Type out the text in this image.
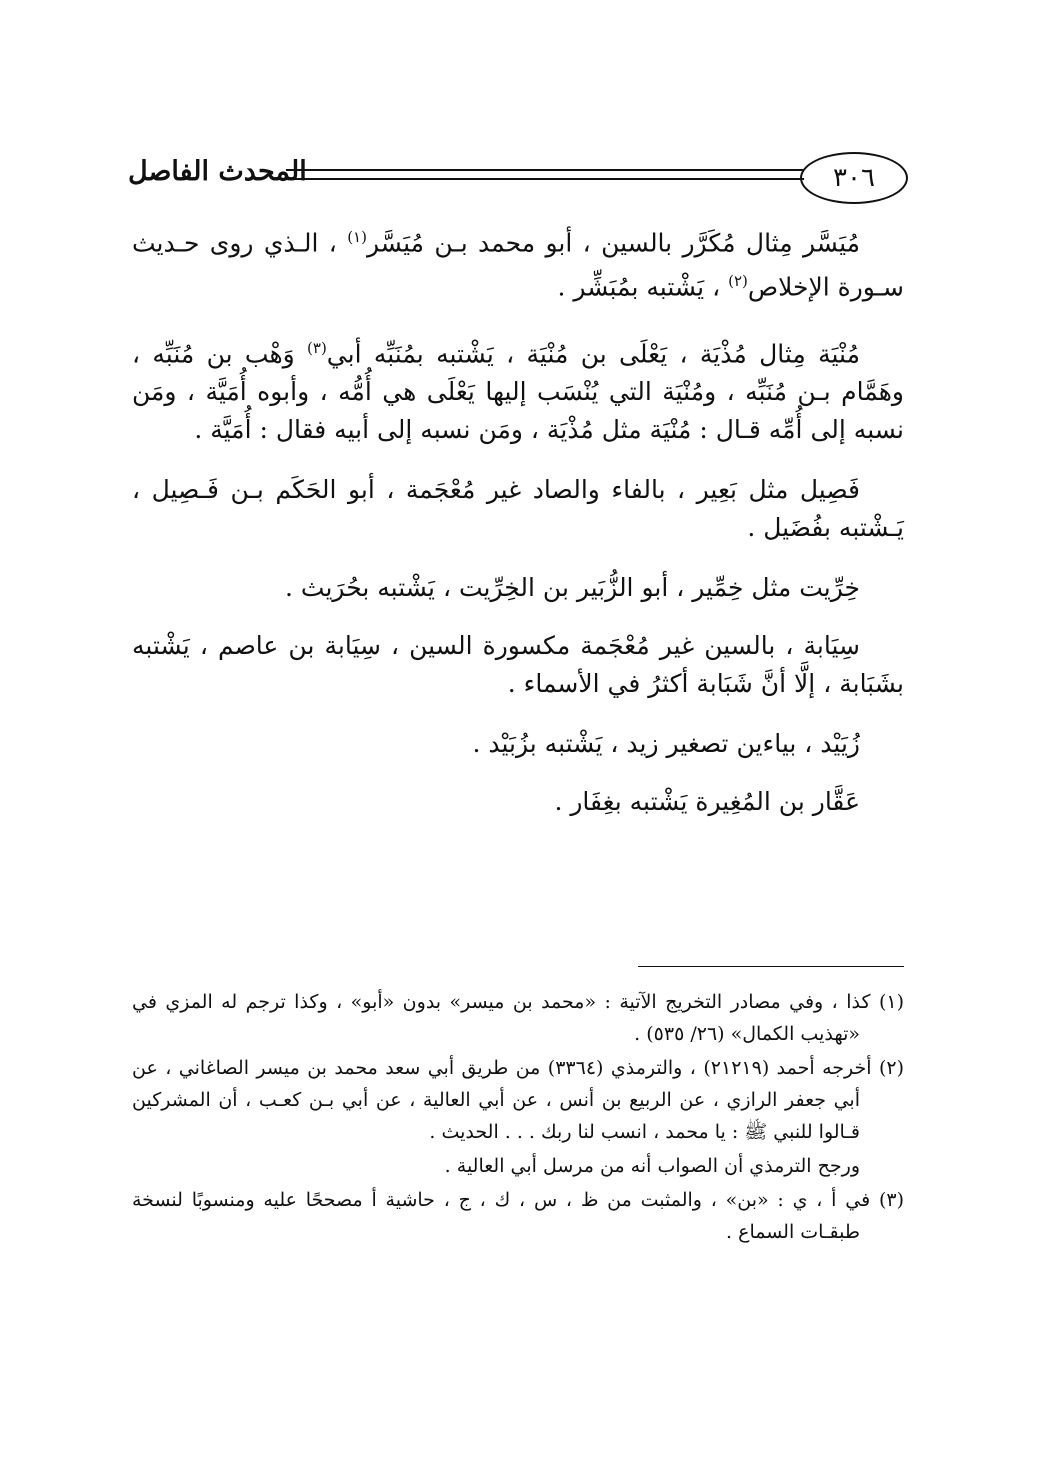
٣٠٦
المحدث الفاصل

مُيَسَّر مِثال مُكَرَّر بالسين ، أبو محمد بـن مُيَسَّر$^{(١)}$ ، الـذي روى حـديث سـورة الإخلاص$^{(٢)}$ ، يَشْتبه بمُبَشِّر .

مُنْيَة مِثال مُذْيَة ، يَعْلَى بن مُنْيَة ، يَشْتبه بمُنَبِّه أبي$^{(٣)}$ وَهْب بن مُنَبِّه ، وهَمَّام بـن مُنَبِّه ، ومُنْيَة التي يُنْسَب إليها يَعْلَى هي أُمُّه ، وأبوه أُمَيَّة ، ومَن نسبه إلى أُمِّه قـال : مُنْيَة مثل مُذْيَة ، ومَن نسبه إلى أبيه فقال : أُمَيَّة .

فَصِيل مثل بَعِير ، بالفاء والصاد غير مُعْجَمة ، أبو الحَكَم بـن فَـصِيل ، يَـشْتبه بفُضَيل .

خِرِّيت مثل خِمِّير ، أبو الزُّبَير بن الخِرِّيت ، يَشْتبه بحُرَيث .

سِيَابة ، بالسين غير مُعْجَمة مكسورة السين ، سِيَابة بن عاصم ، يَشْتبه بشَبَابة ، إلَّا أنَّ شَبَابة أكثرُ في الأسماء .

زُيَيْد ، بياءين تصغير زيد ، يَشْتبه بزُبَيْد .

عَقَّار بن المُغِيرة يَشْتبه بغِفَار .

(١) كذا ، وفي مصادر التخريج الآتية : «محمد بن ميسر» بدون «أبو» ، وكذا ترجم له المزي في «تهذيب الكمال» (٢٦/ ٥٣٥) .

(٢) أخرجه أحمد (٢١٢١٩) ، والترمذي (٣٣٦٤) من طريق أبي سعد محمد بن ميسر الصاغاني ، عن أبي جعفر الرازي ، عن الربيع بن أنس ، عن أبي العالية ، عن أبي بـن كعـب ، أن المشركين قـالوا للنبي ﷺ : يا محمد ، انسب لنا ربك . . . الحديث .

ورجح الترمذي أن الصواب أنه من مرسل أبي العالية .

(٣) في أ ، ي : «بن» ، والمثبت من ظ ، س ، ك ، ج ، حاشية أ مصححًا عليه ومنسوبًا لنسخة طبقـات السماع .
